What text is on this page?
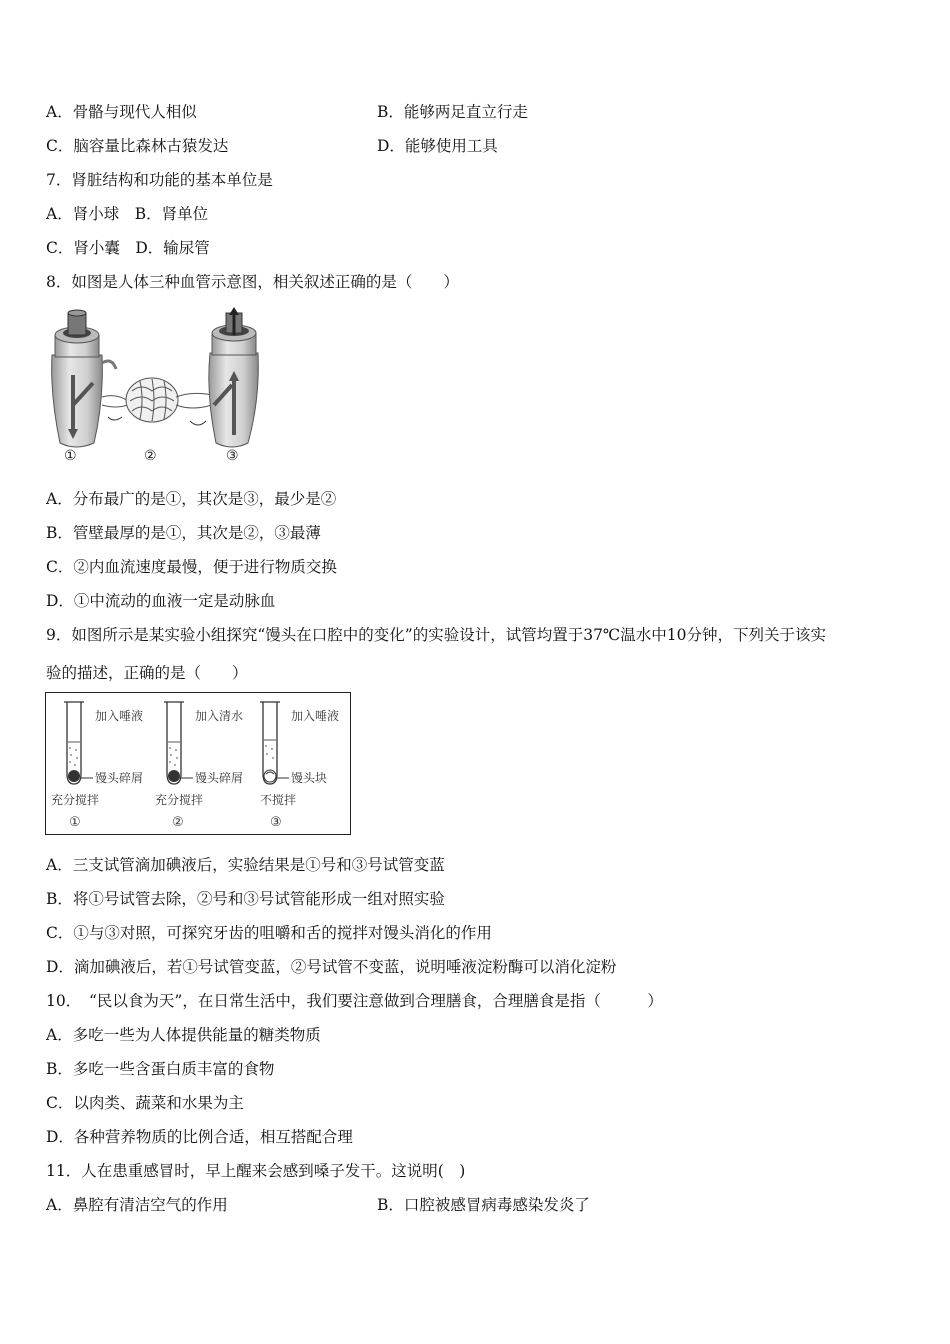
A．骨骼与现代人相似	B．能够两足直立行走
C．脑容量比森林古猿发达	D．能够使用工具
7．肾脏结构和功能的基本单位是
A．肾小球　B．肾单位
C．肾小囊　D．输尿管
8．如图是人体三种血管示意图，相关叙述正确的是（　　）
①	②	③
A．分布最广的是①，其次是③，最少是②
B．管壁最厚的是①，其次是②，③最薄
C．②内血流速度最慢，便于进行物质交换
D．①中流动的血液一定是动脉血
9．如图所示是某实验小组探究“馒头在口腔中的变化”的实验设计，试管均置于37℃温水中10分钟，下列关于该实
验的描述，正确的是（　　）
加入唾液
馒头碎屑
充分搅拌
①
加入清水
馒头碎屑
充分搅拌
②
加入唾液
馒头块
不搅拌
③
A．三支试管滴加碘液后，实验结果是①号和③号试管变蓝
B．将①号试管去除，②号和③号试管能形成一组对照实验
C．①与③对照，可探究牙齿的咀嚼和舌的搅拌对馒头消化的作用
D．滴加碘液后，若①号试管变蓝，②号试管不变蓝，说明唾液淀粉酶可以消化淀粉
10．　“民以食为天”，在日常生活中，我们要注意做到合理膳食，合理膳食是指（　　　）
A．多吃一些为人体提供能量的糖类物质
B．多吃一些含蛋白质丰富的食物
C．以肉类、蔬菜和水果为主
D．各种营养物质的比例合适，相互搭配合理
11．人在患重感冒时，早上醒来会感到嗓子发干。这说明(　)
A．鼻腔有清洁空气的作用	B．口腔被感冒病毒感染发炎了
